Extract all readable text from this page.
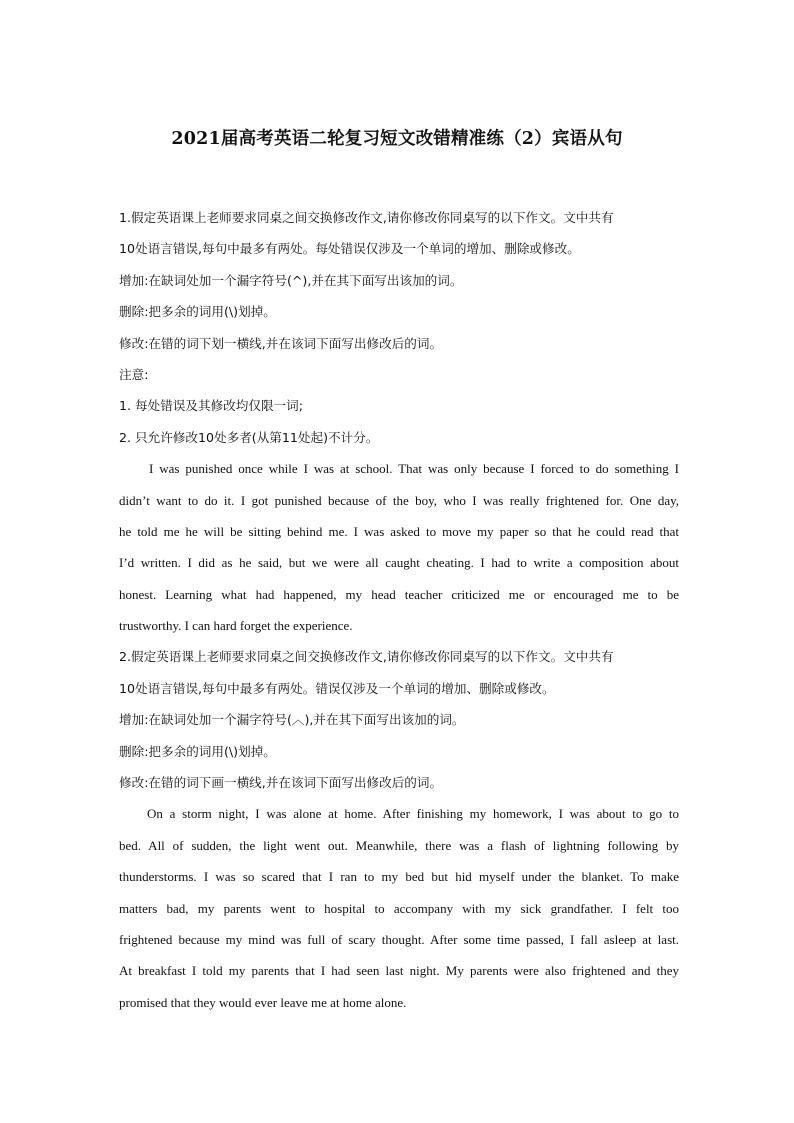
2021届高考英语二轮复习短文改错精准练（2）宾语从句
1.假定英语课上老师要求同桌之间交换修改作文,请你修改你同桌写的以下作文。文中共有
10处语言错误,每句中最多有两处。每处错误仅涉及一个单词的增加、删除或修改。
增加:在缺词处加一个漏字符号(^),并在其下面写出该加的词。
删除:把多余的词用(\)划掉。
修改:在错的词下划一横线,并在该词下面写出修改后的词。
注意:
1. 每处错误及其修改均仅限一词;
2. 只允许修改10处多者(从第11处起)不计分。
I was punished once while I was at school. That was only because I forced to do something I
didn’t want to do it. I got punished because of the boy, who I was really frightened for. One day,
he told me he will be sitting behind me. I was asked to move my paper so that he could read that
I’d written. I did as he said, but we were all caught cheating. I had to write a composition about
honest. Learning what had happened, my head teacher criticized me or encouraged me to be
trustworthy. I can hard forget the experience.
2.假定英语课上老师要求同桌之间交换修改作文,请你修改你同桌写的以下作文。文中共有
10处语言错误,每句中最多有两处。错误仅涉及一个单词的增加、删除或修改。
增加:在缺词处加一个漏字符号(︿),并在其下面写出该加的词。
删除:把多余的词用(\)划掉。
修改:在错的词下画一横线,并在该词下面写出修改后的词。
On a storm night, I was alone at home. After finishing my homework, I was about to go to
bed. All of sudden, the light went out. Meanwhile, there was a flash of lightning following by
thunderstorms. I was so scared that I ran to my bed but hid myself under the blanket. To make
matters bad, my parents went to hospital to accompany with my sick grandfather. I felt too
frightened because my mind was full of scary thought. After some time passed, I fall asleep at last.
At breakfast I told my parents that I had seen last night. My parents were also frightened and they
promised that they would ever leave me at home alone.
